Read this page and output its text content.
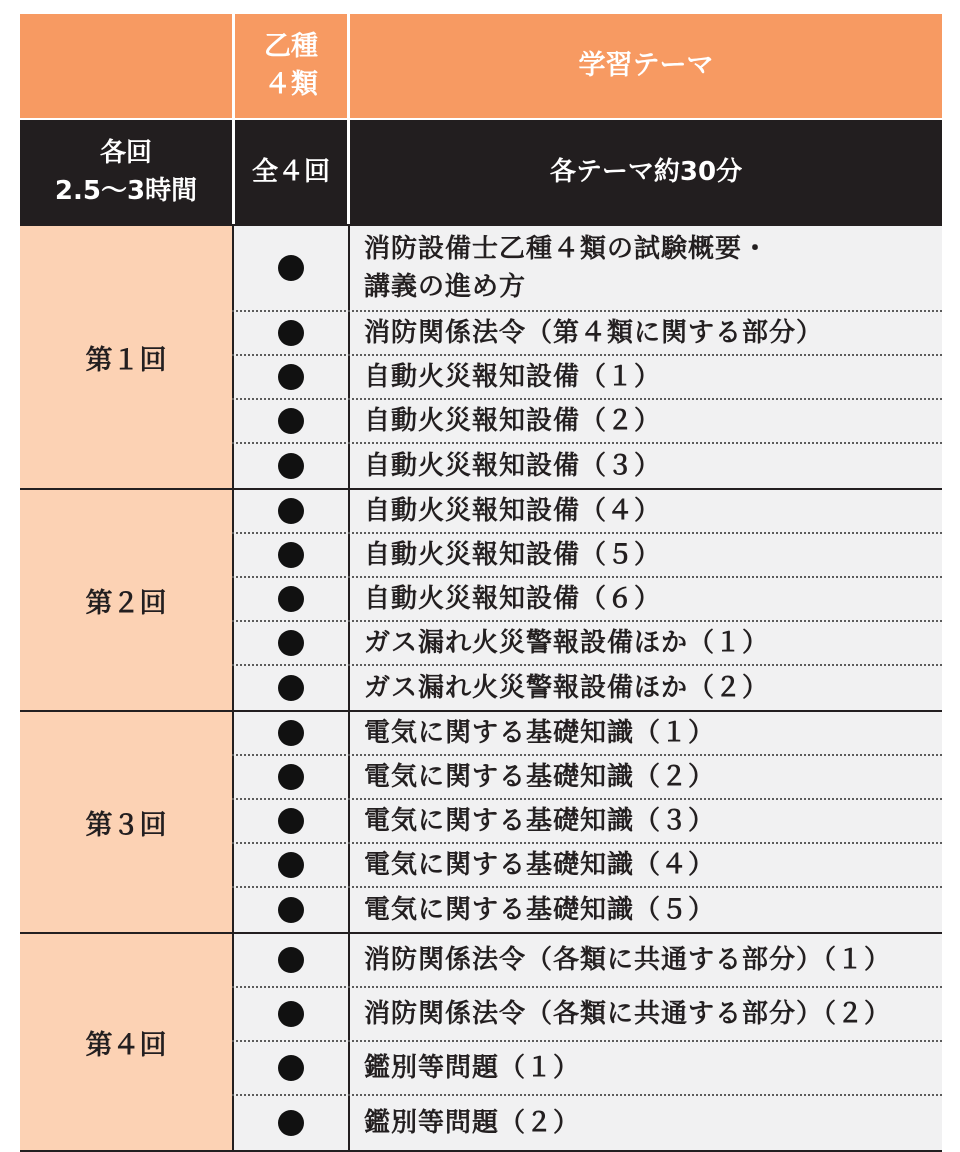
乙種
４類
学習テーマ
各回
2.5〜3時間
全４回	各テーマ約30分
第１回
消防設備士乙種４類の試験概要・
講義の進め方
消防関係法令（第４類に関する部分）
自動火災報知設備（１）
自動火災報知設備（２）
自動火災報知設備（３）
第２回
自動火災報知設備（４）
自動火災報知設備（５）
自動火災報知設備（６）
ガス漏れ火災警報設備ほか（１）
ガス漏れ火災警報設備ほか（２）
第３回
電気に関する基礎知識（１）
電気に関する基礎知識（２）
電気に関する基礎知識（３）
電気に関する基礎知識（４）
電気に関する基礎知識（５）
第４回
消防関係法令（各類に共通する部分）（１）
消防関係法令（各類に共通する部分）（２）
鑑別等問題（１）
鑑別等問題（２）
